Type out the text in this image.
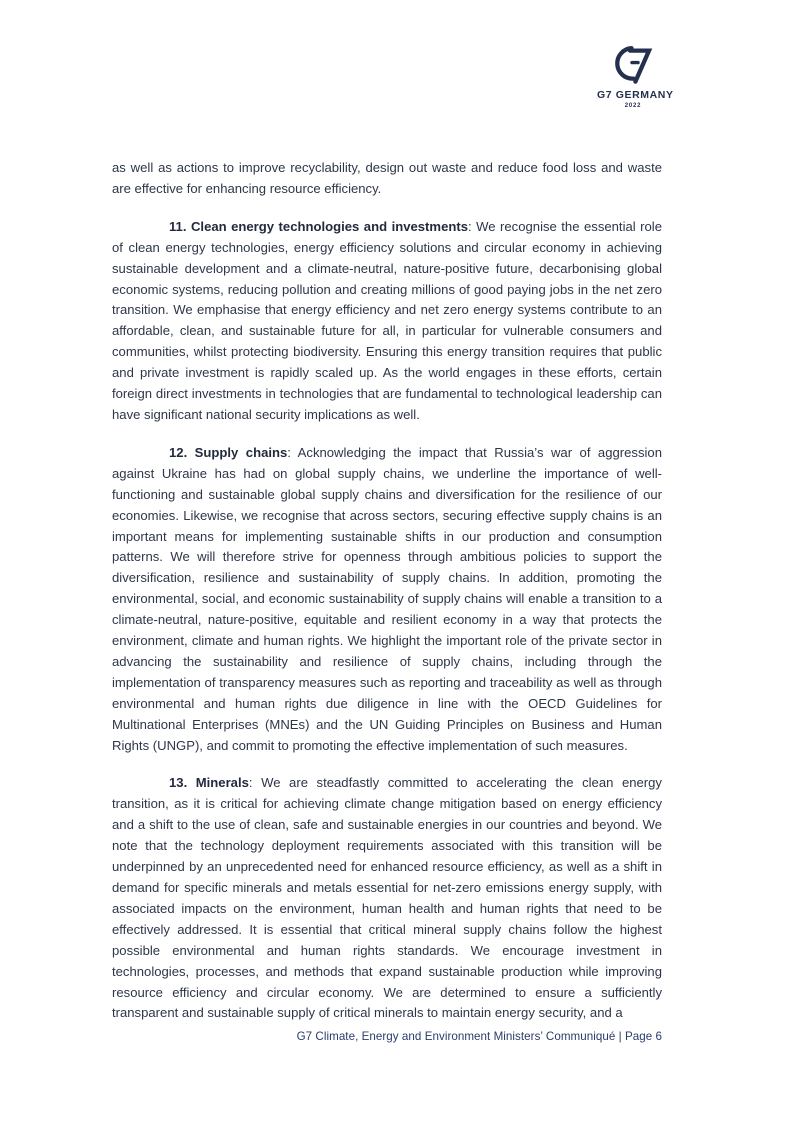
G7 GERMANY
2022

as well as actions to improve recyclability, design out waste and reduce food loss and waste are effective for enhancing resource efficiency.

11. Clean energy technologies and investments: We recognise the essential role of clean energy technologies, energy efficiency solutions and circular economy in achieving sustainable development and a climate-neutral, nature-positive future, decarbonising global economic systems, reducing pollution and creating millions of good paying jobs in the net zero transition. We emphasise that energy efficiency and net zero energy systems contribute to an affordable, clean, and sustainable future for all, in particular for vulnerable consumers and communities, whilst protecting biodiversity. Ensuring this energy transition requires that public and private investment is rapidly scaled up. As the world engages in these efforts, certain foreign direct investments in technologies that are fundamental to technological leadership can have significant national security implications as well.

12. Supply chains: Acknowledging the impact that Russia’s war of aggression against Ukraine has had on global supply chains, we underline the importance of well-functioning and sustainable global supply chains and diversification for the resilience of our economies. Likewise, we recognise that across sectors, securing effective supply chains is an important means for implementing sustainable shifts in our production and consumption patterns. We will therefore strive for openness through ambitious policies to support the diversification, resilience and sustainability of supply chains. In addition, promoting the environmental, social, and economic sustainability of supply chains will enable a transition to a climate-neutral, nature-positive, equitable and resilient economy in a way that protects the environment, climate and human rights. We highlight the important role of the private sector in advancing the sustainability and resilience of supply chains, including through the implementation of transparency measures such as reporting and traceability as well as through environmental and human rights due diligence in line with the OECD Guidelines for Multinational Enterprises (MNEs) and the UN Guiding Principles on Business and Human Rights (UNGP), and commit to promoting the effective implementation of such measures.

13. Minerals: We are steadfastly committed to accelerating the clean energy transition, as it is critical for achieving climate change mitigation based on energy efficiency and a shift to the use of clean, safe and sustainable energies in our countries and beyond. We note that the technology deployment requirements associated with this transition will be underpinned by an unprecedented need for enhanced resource efficiency, as well as a shift in demand for specific minerals and metals essential for net-zero emissions energy supply, with associated impacts on the environment, human health and human rights that need to be effectively addressed. It is essential that critical mineral supply chains follow the highest possible environmental and human rights standards. We encourage investment in technologies, processes, and methods that expand sustainable production while improving resource efficiency and circular economy. We are determined to ensure a sufficiently transparent and sustainable supply of critical minerals to maintain energy security, and a

G7 Climate, Energy and Environment Ministers’ Communiqué | Page 6
